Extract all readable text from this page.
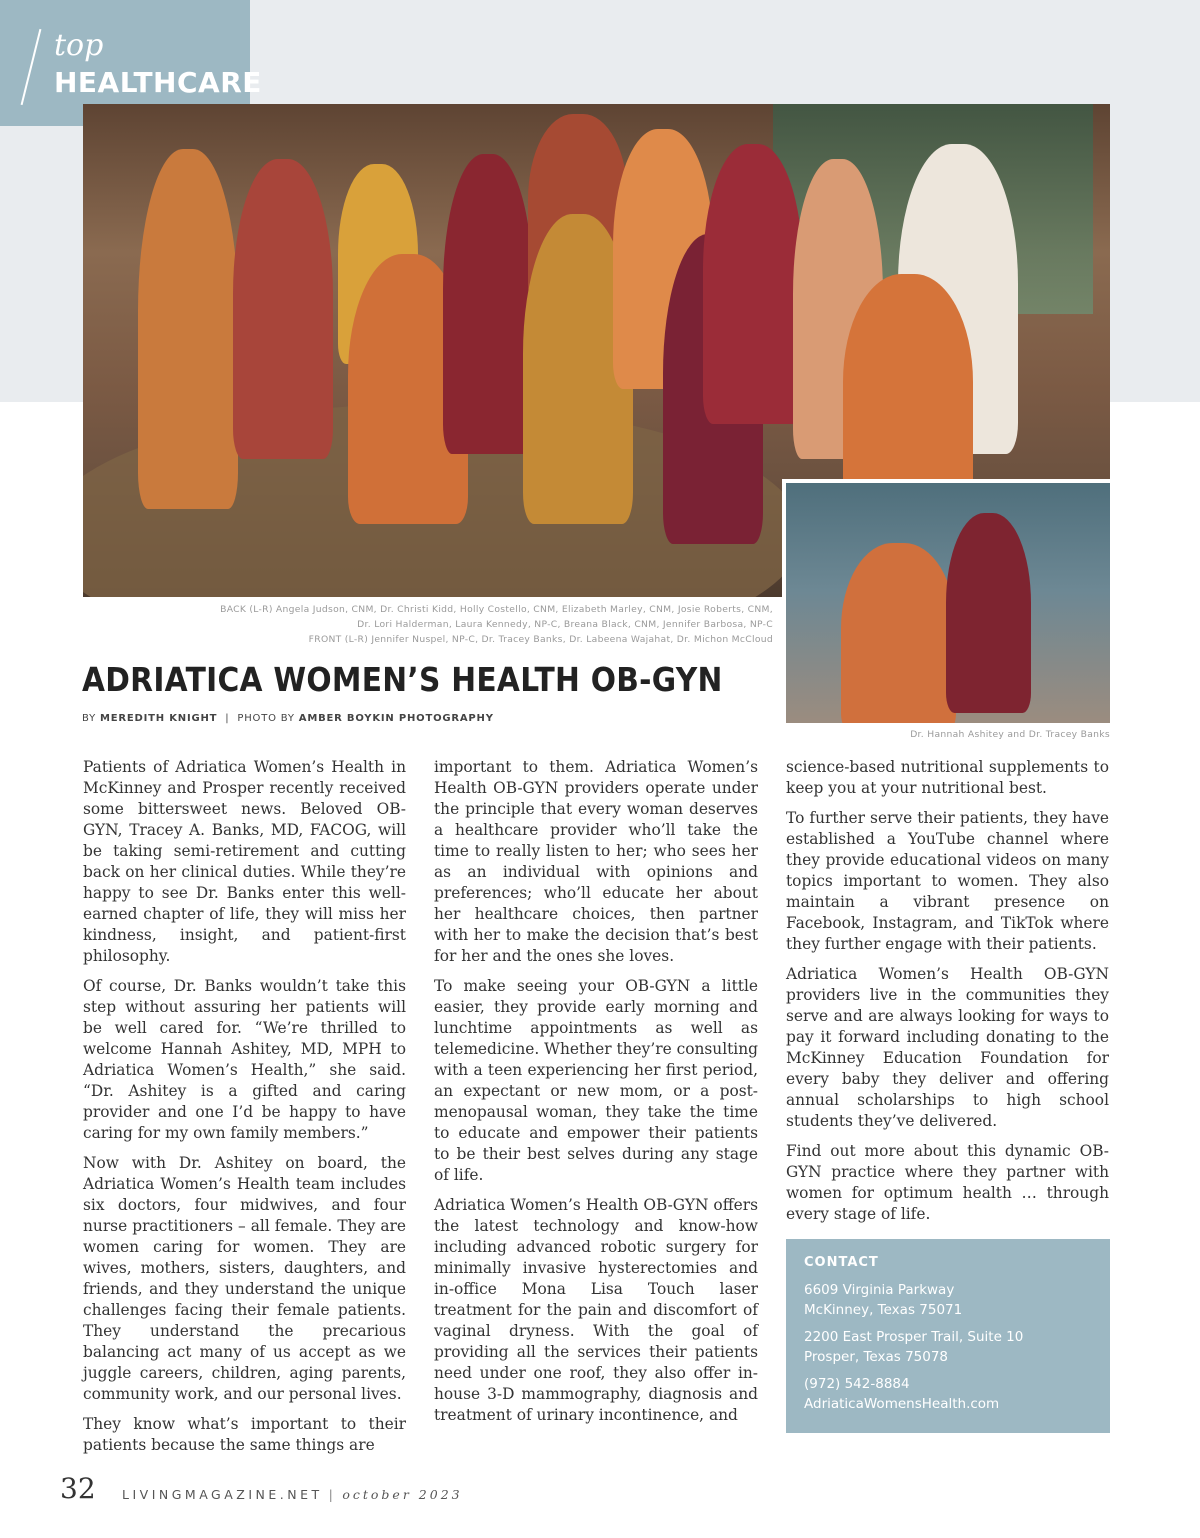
top
HEALTHCARE
BACK (L-R) Angela Judson, CNM, Dr. Christi Kidd, Holly Costello, CNM, Elizabeth Marley, CNM, Josie Roberts, CNM,
Dr. Lori Halderman, Laura Kennedy, NP-C, Breana Black, CNM, Jennifer Barbosa, NP-C
FRONT (L-R) Jennifer Nuspel, NP-C, Dr. Tracey Banks, Dr. Labeena Wajahat, Dr. Michon McCloud
Dr. Hannah Ashitey and Dr. Tracey Banks
ADRIATICA WOMEN’S HEALTH OB-GYN
BY MEREDITH KNIGHT | PHOTO BY AMBER BOYKIN PHOTOGRAPHY

Patients of Adriatica Women’s Health in McKinney and Prosper recently received some bittersweet news. Beloved OB-GYN, Tracey A. Banks, MD, FACOG, will be taking semi-retirement and cutting back on her clinical duties. While they’re happy to see Dr. Banks enter this well-earned chapter of life, they will miss her kindness, insight, and patient-first philosophy.

Of course, Dr. Banks wouldn’t take this step without assuring her patients will be well cared for. “We’re thrilled to welcome Hannah Ashitey, MD, MPH to Adriatica Women’s Health,” she said. “Dr. Ashitey is a gifted and caring provider and one I’d be happy to have caring for my own family members.”

Now with Dr. Ashitey on board, the Adriatica Women’s Health team includes six doctors, four midwives, and four nurse practitioners – all female. They are women caring for women. They are wives, mothers, sisters, daughters, and friends, and they understand the unique challenges facing their female patients. They understand the precarious balancing act many of us accept as we juggle careers, children, aging parents, community work, and our personal lives.

They know what’s important to their patients because the same things are

important to them. Adriatica Women’s Health OB-GYN providers operate under the principle that every woman deserves a healthcare provider who’ll take the time to really listen to her; who sees her as an individual with opinions and preferences; who’ll educate her about her healthcare choices, then partner with her to make the decision that’s best for her and the ones she loves.

To make seeing your OB-GYN a little easier, they provide early morning and lunchtime appointments as well as telemedicine. Whether they’re consulting with a teen experiencing her first period, an expectant or new mom, or a post-menopausal woman, they take the time to educate and empower their patients to be their best selves during any stage of life.

Adriatica Women’s Health OB-GYN offers the latest technology and know-how including advanced robotic surgery for minimally invasive hysterectomies and in-office Mona Lisa Touch laser treatment for the pain and discomfort of vaginal dryness. With the goal of providing all the services their patients need under one roof, they also offer in-house 3-D mammography, diagnosis and treatment of urinary incontinence, and

science-based nutritional supplements to keep you at your nutritional best.

To further serve their patients, they have established a YouTube channel where they provide educational videos on many topics important to women. They also maintain a vibrant presence on Facebook, Instagram, and TikTok where they further engage with their patients.

Adriatica Women’s Health OB-GYN providers live in the communities they serve and are always looking for ways to pay it forward including donating to the McKinney Education Foundation for every baby they deliver and offering annual scholarships to high school students they’ve delivered.

Find out more about this dynamic OB-GYN practice where they partner with women for optimum health … through every stage of life.

CONTACT
6609 Virginia Parkway
McKinney, Texas 75071
2200 East Prosper Trail, Suite 10
Prosper, Texas 75078
(972) 542-8884
AdriaticaWomensHealth.com
32 LIVINGMAGAZINE.NET | october 2023
